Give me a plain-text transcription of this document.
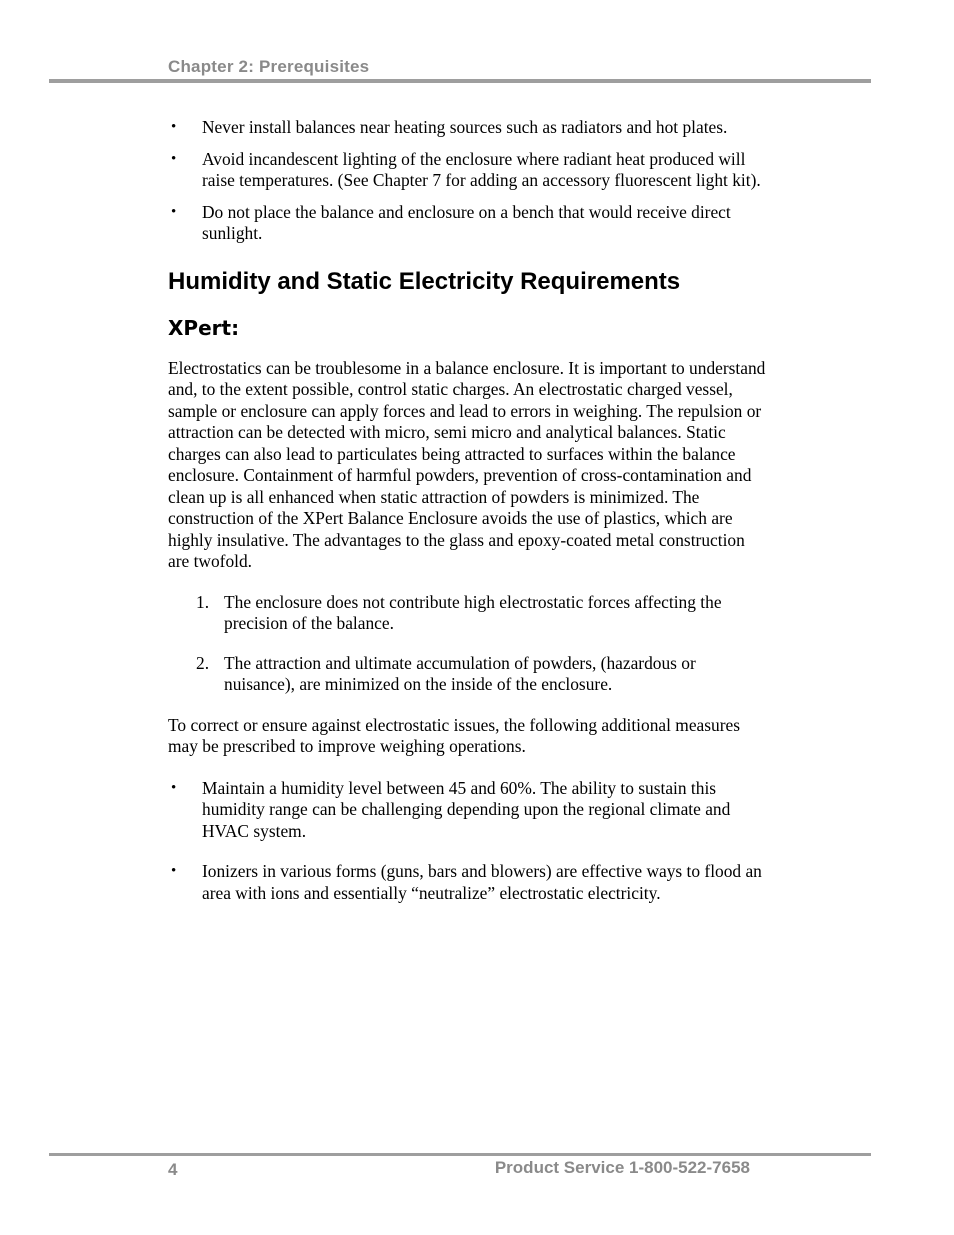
Chapter 2: Prerequisites
• Never install balances near heating sources such as radiators and hot plates.
• Avoid incandescent lighting of the enclosure where radiant heat produced will raise temperatures. (See Chapter 7 for adding an accessory fluorescent light kit).
• Do not place the balance and enclosure on a bench that would receive direct sunlight.
Humidity and Static Electricity Requirements
XPert:

Electrostatics can be troublesome in a balance enclosure. It is important to understand and, to the extent possible, control static charges. An electrostatic charged vessel, sample or enclosure can apply forces and lead to errors in weighing. The repulsion or attraction can be detected with micro, semi micro and analytical balances. Static charges can also lead to particulates being attracted to surfaces within the balance enclosure. Containment of harmful powders, prevention of cross-contamination and clean up is all enhanced when static attraction of powders is minimized. The construction of the XPert Balance Enclosure avoids the use of plastics, which are highly insulative. The advantages to the glass and epoxy-coated metal construction are twofold.

1. The enclosure does not contribute high electrostatic forces affecting the precision of the balance.
2. The attraction and ultimate accumulation of powders, (hazardous or nuisance), are minimized on the inside of the enclosure.

To correct or ensure against electrostatic issues, the following additional measures may be prescribed to improve weighing operations.

• Maintain a humidity level between 45 and 60%. The ability to sustain this humidity range can be challenging depending upon the regional climate and HVAC system.
• Ionizers in various forms (guns, bars and blowers) are effective ways to flood an area with ions and essentially “neutralize” electrostatic electricity.
4	Product Service 1-800-522-7658
